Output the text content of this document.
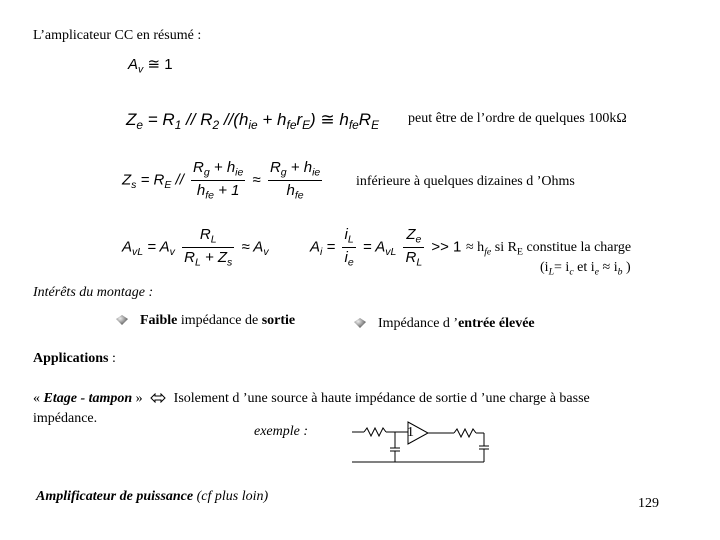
L’amplicateur CC en résumé :
$A_v$ ≅ 1
$Z_e = R_1 // R_2$ $//(h_{ie} + h_{fe}r_E)$ ≅ $h_{fe}R_E$ peut être de l’ordre de quelques 100kΩ
$Z_s = R_E // \frac{R_g + h_{ie}}{h_{fe} + 1} \approx \frac{R_g + h_{ie}}{h_{fe}}$ inférieure à quelques dizaines d ’Ohms
$A_{vL} = A_v \frac{R_L}{R_L + Z_s} \approx A_v$	$A_i = \frac{i_L}{i_e} = A_{vL} \frac{Z_e}{R_L} >> 1 \approx h_{fe}$ si $R_E$ constitue la charge
($i_L= i_c$ et $i_e \approx i_b$ )
Intérêts du montage :
Faible impédance de sortie	Impédance d ’entrée élevée
Applications :
« Etage - tampon » Isolement d ’une source à haute impédance de sortie d ’une charge à basse
impédance.
exemple :	1
Amplificateur de puissance (cf plus loin)	129
